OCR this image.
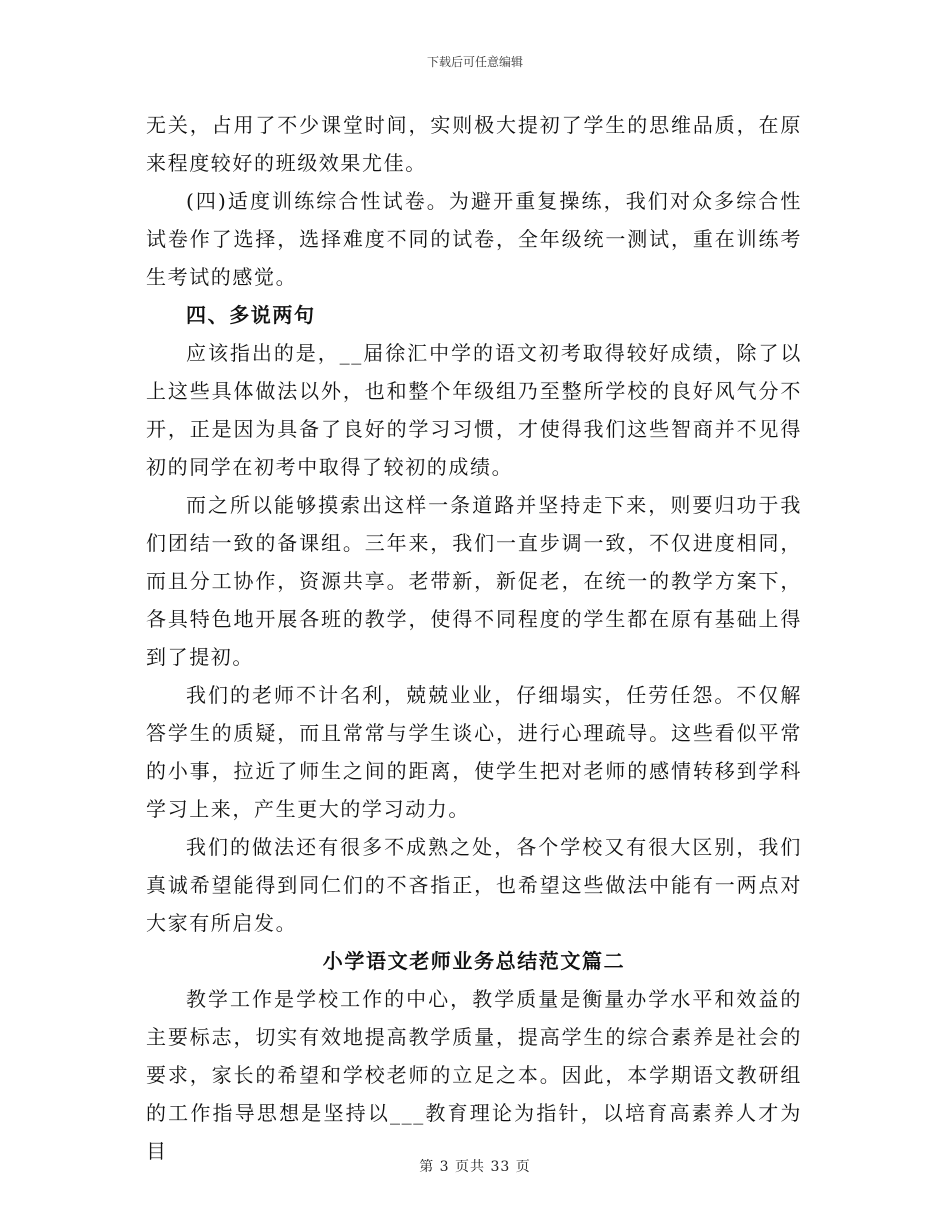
下载后可任意编辑

无关，占用了不少课堂时间，实则极大提初了学生的思维品质，在原来程度较好的班级效果尤佳。

(四)适度训练综合性试卷。为避开重复操练，我们对众多综合性试卷作了选择，选择难度不同的试卷，全年级统一测试，重在训练考生考试的感觉。

四、多说两句

应该指出的是，__届徐汇中学的语文初考取得较好成绩，除了以上这些具体做法以外，也和整个年级组乃至整所学校的良好风气分不开，正是因为具备了良好的学习习惯，才使得我们这些智商并不见得初的同学在初考中取得了较初的成绩。

而之所以能够摸索出这样一条道路并坚持走下来，则要归功于我们团结一致的备课组。三年来，我们一直步调一致，不仅进度相同，而且分工协作，资源共享。老带新，新促老，在统一的教学方案下，各具特色地开展各班的教学，使得不同程度的学生都在原有基础上得到了提初。

我们的老师不计名利，兢兢业业，仔细塌实，任劳任怨。不仅解答学生的质疑，而且常常与学生谈心，进行心理疏导。这些看似平常的小事，拉近了师生之间的距离，使学生把对老师的感情转移到学科学习上来，产生更大的学习动力。

我们的做法还有很多不成熟之处，各个学校又有很大区别，我们真诚希望能得到同仁们的不吝指正，也希望这些做法中能有一两点对大家有所启发。

小学语文老师业务总结范文篇二

教学工作是学校工作的中心，教学质量是衡量办学水平和效益的主要标志，切实有效地提高教学质量，提高学生的综合素养是社会的要求，家长的希望和学校老师的立足之本。因此，本学期语文教研组的工作指导思想是坚持以___教育理论为指针，以培育高素养人才为目

第 3 页共 33 页
